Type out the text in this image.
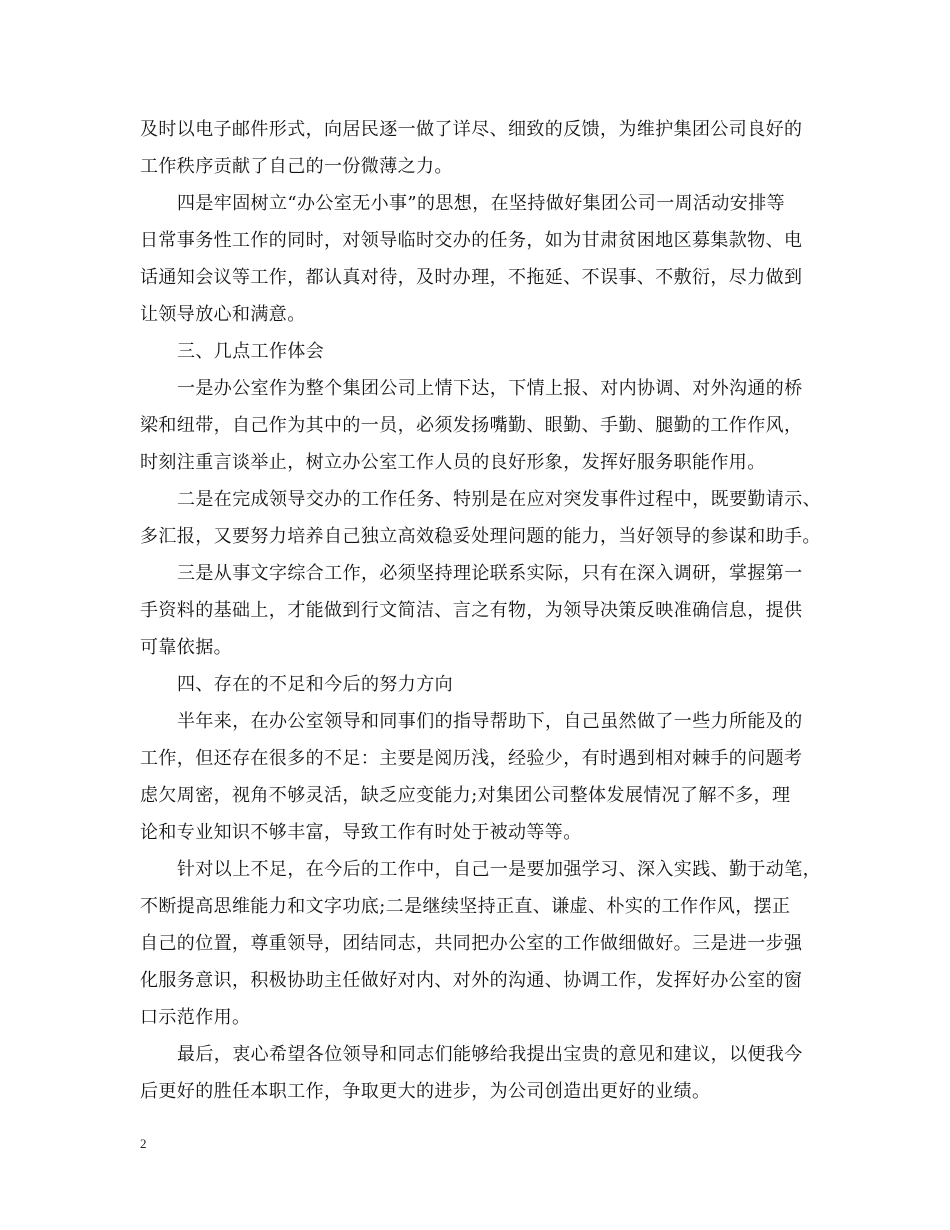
及时以电子邮件形式，向居民逐一做了详尽、细致的反馈，为维护集团公司良好的
工作秩序贡献了自己的一份微薄之力。
四是牢固树立“办公室无小事”的思想，在坚持做好集团公司一周活动安排等
日常事务性工作的同时，对领导临时交办的任务，如为甘肃贫困地区募集款物、电
话通知会议等工作，都认真对待，及时办理，不拖延、不误事、不敷衍，尽力做到
让领导放心和满意。
三、几点工作体会
一是办公室作为整个集团公司上情下达，下情上报、对内协调、对外沟通的桥
梁和纽带，自己作为其中的一员，必须发扬嘴勤、眼勤、手勤、腿勤的工作作风，
时刻注重言谈举止，树立办公室工作人员的良好形象，发挥好服务职能作用。
二是在完成领导交办的工作任务、特别是在应对突发事件过程中，既要勤请示、
多汇报，又要努力培养自己独立高效稳妥处理问题的能力，当好领导的参谋和助手。
三是从事文字综合工作，必须坚持理论联系实际，只有在深入调研，掌握第一
手资料的基础上，才能做到行文简洁、言之有物，为领导决策反映准确信息，提供
可靠依据。
四、存在的不足和今后的努力方向
半年来，在办公室领导和同事们的指导帮助下，自己虽然做了一些力所能及的
工作，但还存在很多的不足：主要是阅历浅，经验少，有时遇到相对棘手的问题考
虑欠周密，视角不够灵活，缺乏应变能力;对集团公司整体发展情况了解不多，理
论和专业知识不够丰富，导致工作有时处于被动等等。
针对以上不足，在今后的工作中，自己一是要加强学习、深入实践、勤于动笔，
不断提高思维能力和文字功底;二是继续坚持正直、谦虚、朴实的工作作风，摆正
自己的位置，尊重领导，团结同志，共同把办公室的工作做细做好。三是进一步强
化服务意识，积极协助主任做好对内、对外的沟通、协调工作，发挥好办公室的窗
口示范作用。
最后，衷心希望各位领导和同志们能够给我提出宝贵的意见和建议，以便我今
后更好的胜任本职工作，争取更大的进步，为公司创造出更好的业绩。
2
